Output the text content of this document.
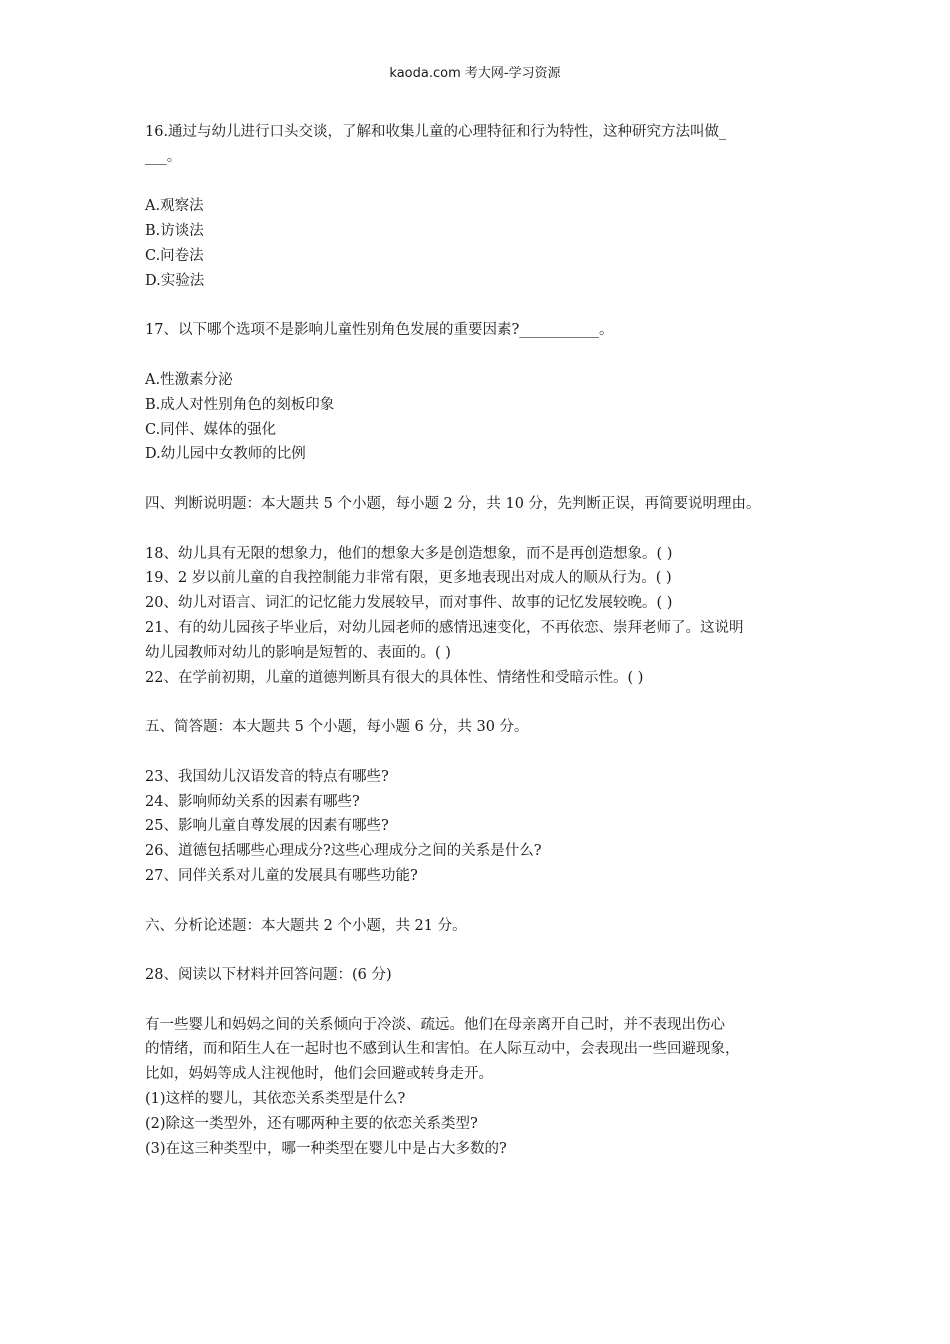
kaoda.com 考大网-学习资源
16.通过与幼儿进行口头交谈，了解和收集儿童的心理特征和行为特性，这种研究方法叫做_
___。
A.观察法
B.访谈法
C.问卷法
D.实验法
17、以下哪个选项不是影响儿童性别角色发展的重要因素?___________。
A.性激素分泌
B.成人对性别角色的刻板印象
C.同伴、媒体的强化
D.幼儿园中女教师的比例
四、判断说明题：本大题共 5 个小题，每小题 2 分，共 10 分，先判断正误，再简要说明理由。
18、幼儿具有无限的想象力，他们的想象大多是创造想象，而不是再创造想象。( )
19、2 岁以前儿童的自我控制能力非常有限，更多地表现出对成人的顺从行为。( )
20、幼儿对语言、词汇的记忆能力发展较早，而对事件、故事的记忆发展较晚。( )
21、有的幼儿园孩子毕业后，对幼儿园老师的感情迅速变化，不再依恋、崇拜老师了。这说明
幼儿园教师对幼儿的影响是短暂的、表面的。( )
22、在学前初期，儿童的道德判断具有很大的具体性、情绪性和受暗示性。( )
五、简答题：本大题共 5 个小题，每小题 6 分，共 30 分。
23、我国幼儿汉语发音的特点有哪些?
24、影响师幼关系的因素有哪些?
25、影响儿童自尊发展的因素有哪些?
26、道德包括哪些心理成分?这些心理成分之间的关系是什么?
27、同伴关系对儿童的发展具有哪些功能?
六、分析论述题：本大题共 2 个小题，共 21 分。
28、阅读以下材料并回答问题：(6 分)
有一些婴儿和妈妈之间的关系倾向于冷淡、疏远。他们在母亲离开自己时，并不表现出伤心
的情绪，而和陌生人在一起时也不感到认生和害怕。在人际互动中，会表现出一些回避现象，
比如，妈妈等成人注视他时，他们会回避或转身走开。
(1)这样的婴儿，其依恋关系类型是什么?
(2)除这一类型外，还有哪两种主要的依恋关系类型?
(3)在这三种类型中，哪一种类型在婴儿中是占大多数的?
